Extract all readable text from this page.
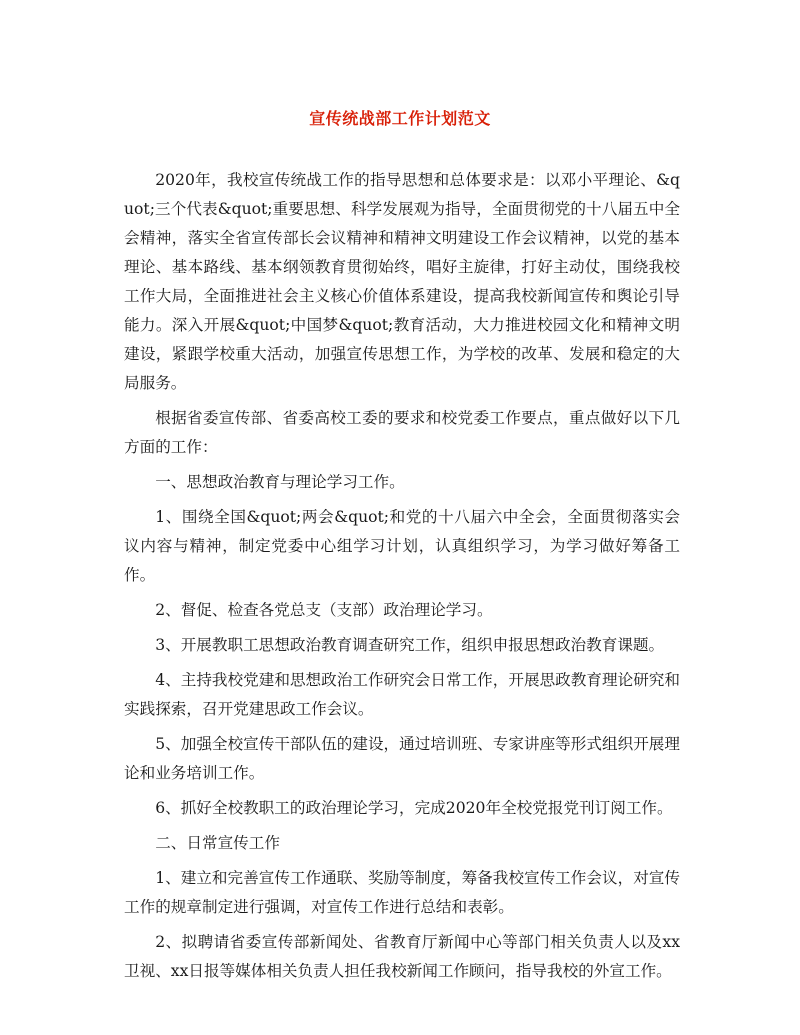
宣传统战部工作计划范文

2020年，我校宣传统战工作的指导思想和总体要求是：以邓小平理论、&quot;三个代表&quot;重要思想、科学发展观为指导，全面贯彻党的十八届五中全会精神，落实全省宣传部长会议精神和精神文明建设工作会议精神，以党的基本理论、基本路线、基本纲领教育贯彻始终，唱好主旋律，打好主动仗，围绕我校工作大局，全面推进社会主义核心价值体系建设，提高我校新闻宣传和舆论引导能力。深入开展&quot;中国梦&quot;教育活动，大力推进校园文化和精神文明建设，紧跟学校重大活动，加强宣传思想工作，为学校的改革、发展和稳定的大局服务。

根据省委宣传部、省委高校工委的要求和校党委工作要点，重点做好以下几方面的工作：

一、思想政治教育与理论学习工作。

1、围绕全国&quot;两会&quot;和党的十八届六中全会，全面贯彻落实会议内容与精神，制定党委中心组学习计划，认真组织学习，为学习做好筹备工作。

2、督促、检查各党总支（支部）政治理论学习。

3、开展教职工思想政治教育调查研究工作，组织申报思想政治教育课题。

4、主持我校党建和思想政治工作研究会日常工作，开展思政教育理论研究和实践探索，召开党建思政工作会议。

5、加强全校宣传干部队伍的建设，通过培训班、专家讲座等形式组织开展理论和业务培训工作。

6、抓好全校教职工的政治理论学习，完成2020年全校党报党刊订阅工作。

二、日常宣传工作

1、建立和完善宣传工作通联、奖励等制度，筹备我校宣传工作会议，对宣传工作的规章制定进行强调，对宣传工作进行总结和表彰。

2、拟聘请省委宣传部新闻处、省教育厅新闻中心等部门相关负责人以及xx卫视、xx日报等媒体相关负责人担任我校新闻工作顾问，指导我校的外宣工作。
